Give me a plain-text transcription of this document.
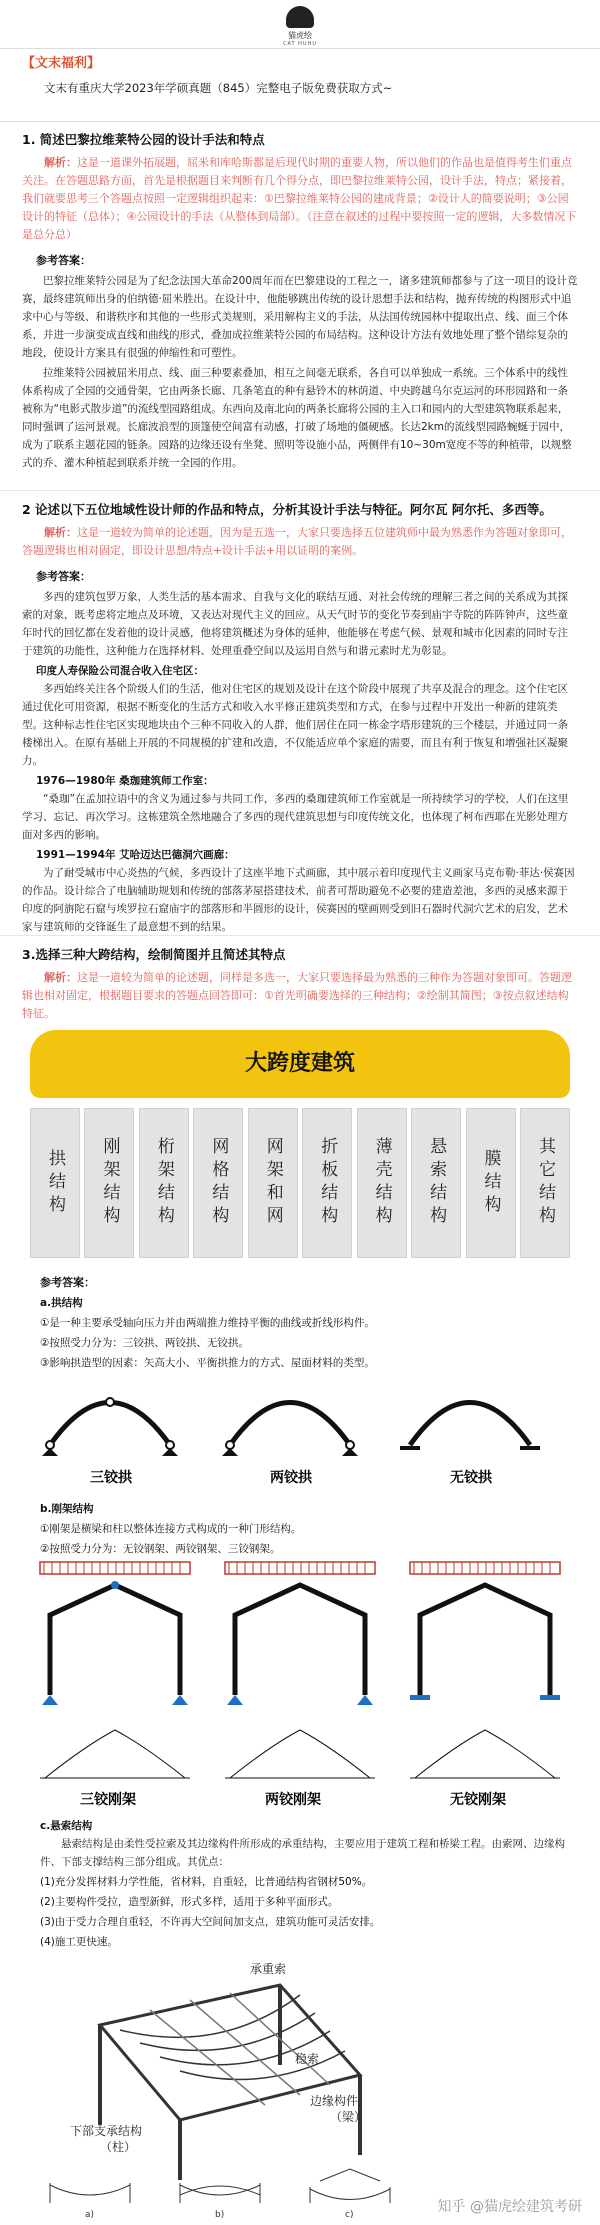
猫虎绘
CAT HUHU
【文末福利】
文末有重庆大学2023年学硕真题（845）完整电子版免费获取方式~

1. 简述巴黎拉维莱特公园的设计手法和特点

解析：这是一道课外拓展题，屈米和库哈斯都是后现代时期的重要人物，所以他们的作品也是值得考生们重点关注。在答题思路方面，首先是根据题目来判断有几个得分点，即巴黎拉维莱特公园，设计手法，特点；紧接着，我们就要思考三个答题点按照一定逻辑组织起来：①巴黎拉维莱特公园的建成背景；②设计人的简要说明；③公园设计的特征（总体）；④公园设计的手法（从整体到局部）。（注意在叙述的过程中要按照一定的逻辑，大多数情况下是总分总）

参考答案：

巴黎拉维莱特公园是为了纪念法国大革命200周年而在巴黎建设的工程之一，诸多建筑师都参与了这一项目的设计竞赛，最终建筑师出身的伯纳德·屈米胜出。在设计中，他能够跳出传统的设计思想手法和结构，抛弃传统的构图形式中追求中心与等级、和谐秩序和其他的一些形式美规则，采用解构主义的手法，从法国传统园林中提取出点、线、面三个体系，并进一步演变成直线和曲线的形式，叠加成拉维莱特公园的布局结构。这种设计方法有效地处理了整个错综复杂的地段，使设计方案具有很强的伸缩性和可塑性。

拉维莱特公园被屈米用点、线、面三种要素叠加，相互之间毫无联系，各自可以单独成一系统。三个体系中的线性体系构成了全园的交通骨架，它由两条长廊、几条笔直的种有悬铃木的林荫道、中央跨越乌尔克运河的环形园路和一条被称为“电影式散步道”的流线型园路组成。东西向及南北向的两条长廊将公园的主入口和园内的大型建筑物联系起来，同时强调了运河景观。长廊波浪型的顶篷使空间富有动感，打破了场地的僵硬感。长达2km的流线型园路蜿蜒于园中，成为了联系主题花园的链条。园路的边缘还设有坐凳、照明等设施小品，两侧伴有10~30m宽度不等的种植带，以规整式的乔、灌木种植起到联系并统一全园的作用。

2 论述以下五位地域性设计师的作品和特点，分析其设计手法与特征。阿尔瓦 阿尔托、多西等。

解析：这是一道较为简单的论述题，因为是五选一，大家只要选择五位建筑师中最为熟悉作为答题对象即可，答题逻辑也相对固定，即设计思想/特点+设计手法+用以证明的案例。

参考答案：

多西的建筑包罗万象，人类生活的基本需求、自我与文化的联结互通、对社会传统的理解三者之间的关系成为其探索的对象，既考虑将定地点及环境，又表达对现代主义的回应。从天气时节的变化节奏到庙宇寺院的阵阵钟声，这些童年时代的回忆都在发着他的设计灵感，他将建筑概述为身体的延伸，他能够在考虑气候、景观和城市化因素的同时专注于建筑的功能性，这种能力在选择材料、处理重叠空间以及运用自然与和谐元素时尤为彰显。

印度人寿保险公司混合收入住宅区：

多西始终关注各个阶级人们的生活，他对住宅区的规划及设计在这个阶段中展现了共享及混合的理念。这个住宅区通过优化可用资源，根据不断变化的生活方式和收入水平修正建筑类型和方式，在参与过程中开发出一种新的建筑类型。这种标志性住宅区实现地块由个三种不同收入的人群，他们居住在同一栋金字塔形建筑的三个楼层，并通过同一条楼梯出入。在原有基础上开展的不同规模的扩建和改造，不仅能适应单个家庭的需要，而且有利于恢复和增强社区凝聚力。

1976—1980年 桑珈建筑师工作室：

“桑珈”在孟加拉语中的含义为通过参与共同工作，多西的桑珈建筑师工作室就是一所持续学习的学校，人们在这里学习、忘记、再次学习。这栋建筑全然地融合了多西的现代建筑思想与印度传统文化，也体现了柯布西耶在光影处理方面对多西的影响。

1991—1994年 艾哈迈达巴德洞穴画廊：

为了耐受城市中心炎热的气候，多西设计了这座半地下式画廊，其中展示着印度现代主义画家马克布勒·菲达·侯赛因的作品。设计综合了电脑辅助规划和传统的部落茅屋搭建技术，前者可帮助避免不必要的建造差池，多西的灵感来源于印度的阿旃陀石窟与埃罗拉石窟庙宇的部落形和半圆形的设计，侯赛因的壁画则受到旧石器时代洞穴艺术的启发，艺术家与建筑师的交锋诞生了最意想不到的结果。

3.选择三种大跨结构，绘制简图并且简述其特点

解析：这是一道较为简单的论述题，同样是多选一，大家只要选择最为熟悉的三种作为答题对象即可。答题逻辑也相对固定，根据题目要求的答题点回答即可：①首先明确要选择的三种结构；②绘制其简图；③按点叙述结构特征。

大跨度建筑
拱结构 刚架结构 桁架结构 网格结构 网架和网 折板结构 薄壳结构 悬索结构 膜结构 其它结构

参考答案：

a.拱结构

①是一种主要承受轴向压力并由两端推力维持平衡的曲线或折线形构件。

②按照受力分为：三铰拱、两铰拱、无铰拱。

③影响拱造型的因素：矢高大小、平衡拱推力的方式、屋面材料的类型。

三铰拱	两铰拱	无铰拱

b.刚架结构

①刚架是横梁和柱以整体连接方式构成的一种门形结构。

②按照受力分为：无铰钢架、两铰钢架、三铰钢架。

三铰刚架	两铰刚架	无铰刚架

c.悬索结构

悬索结构是由柔性受拉索及其边缘构件所形成的承重结构，主要应用于建筑工程和桥梁工程。由索网、边缘构件、下部支撑结构三部分组成。其优点：

(1)充分发挥材料力学性能，省材料，自重轻，比普通结构省钢材50%。

(2)主要构件受拉，造型新鲜，形式多样，适用于多种平面形式。

(3)由于受力合理自重轻，不许再大空间间加支点，建筑功能可灵活安排。

(4)施工更快速。

承重索
稳索
边缘构件
（梁）
下部支承结构
（柱）
a)	b)	c)	知乎 @猫虎绘建筑考研
